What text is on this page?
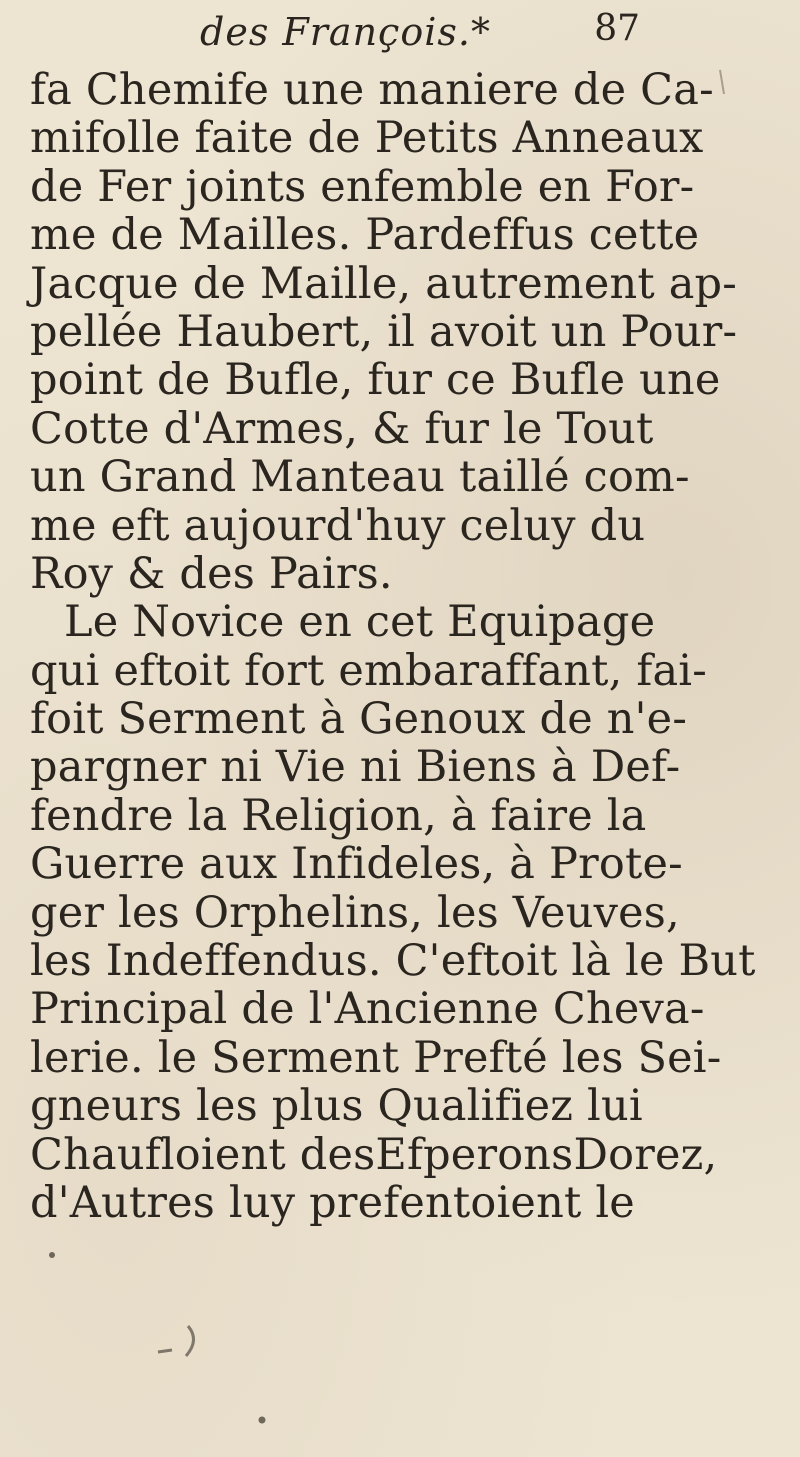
des François.*	87
fa Chemife une maniere de Ca-
mifolle faite de Petits Anneaux
de Fer joints enfemble en For-
me de Mailles. Pardeffus cette
Jacque de Maille, autrement ap-
pellée Haubert, il avoit un Pour-
point de Bufle, fur ce Bufle une
Cotte d'Armes, & fur le Tout
un Grand Manteau taillé com-
me eft aujourd'huy celuy du
Roy & des Pairs.
Le Novice en cet Equipage
qui eftoit fort embaraffant, fai-
foit Serment à Genoux de n'e-
pargner ni Vie ni Biens à Def-
fendre la Religion, à faire la
Guerre aux Infideles, à Prote-
ger les Orphelins, les Veuves,
les Indeffendus. C'eftoit là le But
Principal de l'Ancienne Cheva-
lerie. le Serment Prefté les Sei-
gneurs les plus Qualifiez lui
Chaufloient desEfperonsDorez,
d'Autres luy prefentoient le
